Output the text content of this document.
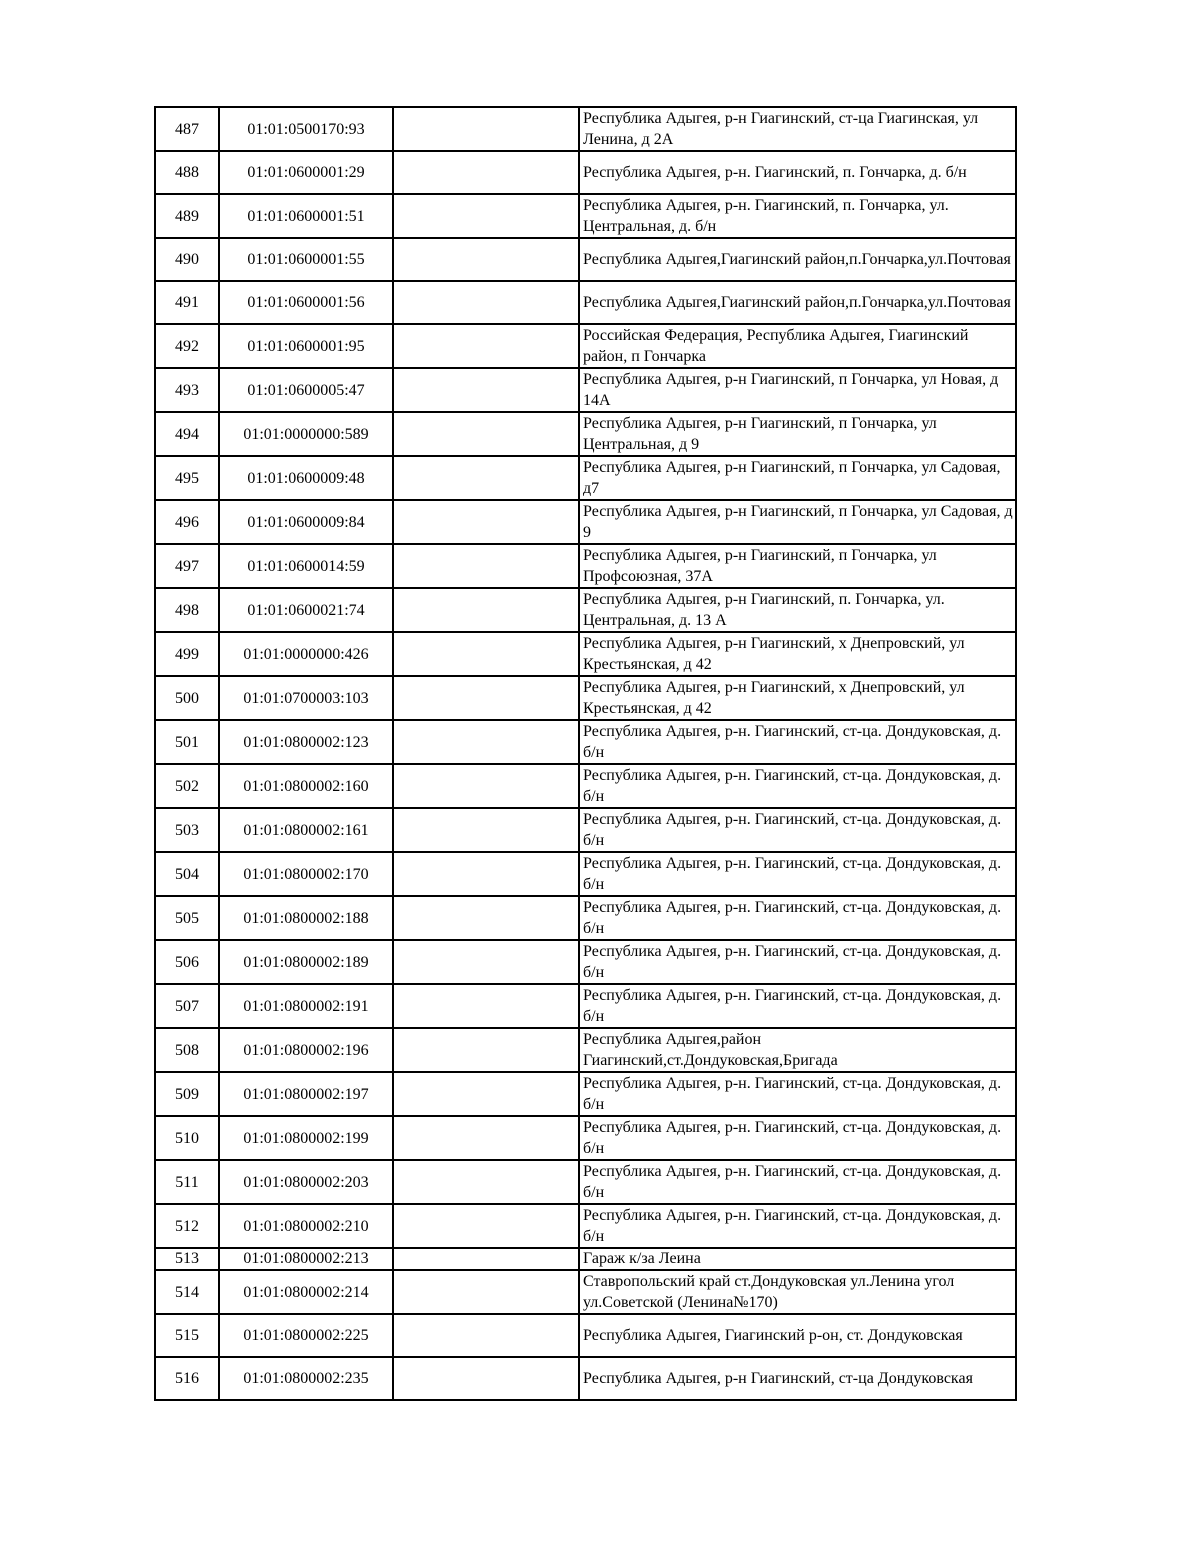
487	01:01:0500170:93		Республика Адыгея, р-н Гиагинский, ст-ца Гиагинская, ул Ленина, д 2А
488	01:01:0600001:29		Республика Адыгея, р-н. Гиагинский, п. Гончарка, д. б/н
489	01:01:0600001:51		Республика Адыгея, р-н. Гиагинский, п. Гончарка, ул. Центральная, д. б/н
490	01:01:0600001:55		Республика Адыгея,Гиагинский район,п.Гончарка,ул.Почтовая
491	01:01:0600001:56		Республика Адыгея,Гиагинский район,п.Гончарка,ул.Почтовая
492	01:01:0600001:95		Российская Федерация, Республика Адыгея, Гиагинский район, п Гончарка
493	01:01:0600005:47		Республика Адыгея, р-н Гиагинский, п Гончарка, ул Новая, д 14А
494	01:01:0000000:589		Республика Адыгея, р-н Гиагинский, п Гончарка, ул Центральная, д 9
495	01:01:0600009:48		Республика Адыгея, р-н Гиагинский, п Гончарка, ул Садовая, д7
496	01:01:0600009:84		Республика Адыгея, р-н Гиагинский, п Гончарка, ул Садовая, д 9
497	01:01:0600014:59		Республика Адыгея, р-н Гиагинский, п Гончарка, ул Профсоюзная, 37А
498	01:01:0600021:74		Республика Адыгея, р-н Гиагинский, п. Гончарка, ул. Центральная, д. 13 А
499	01:01:0000000:426		Республика Адыгея, р-н Гиагинский, х Днепровский, ул Крестьянская, д 42
500	01:01:0700003:103		Республика Адыгея, р-н Гиагинский, х Днепровский, ул Крестьянская, д 42
501	01:01:0800002:123		Республика Адыгея, р-н. Гиагинский, ст-ца. Дондуковская, д. б/н
502	01:01:0800002:160		Республика Адыгея, р-н. Гиагинский, ст-ца. Дондуковская, д. б/н
503	01:01:0800002:161		Республика Адыгея, р-н. Гиагинский, ст-ца. Дондуковская, д. б/н
504	01:01:0800002:170		Республика Адыгея, р-н. Гиагинский, ст-ца. Дондуковская, д. б/н
505	01:01:0800002:188		Республика Адыгея, р-н. Гиагинский, ст-ца. Дондуковская, д. б/н
506	01:01:0800002:189		Республика Адыгея, р-н. Гиагинский, ст-ца. Дондуковская, д. б/н
507	01:01:0800002:191		Республика Адыгея, р-н. Гиагинский, ст-ца. Дондуковская, д. б/н
508	01:01:0800002:196		Республика Адыгея,район Гиагинский,ст.Дондуковская,Бригада
509	01:01:0800002:197		Республика Адыгея, р-н. Гиагинский, ст-ца. Дондуковская, д. б/н
510	01:01:0800002:199		Республика Адыгея, р-н. Гиагинский, ст-ца. Дондуковская, д. б/н
511	01:01:0800002:203		Республика Адыгея, р-н. Гиагинский, ст-ца. Дондуковская, д. б/н
512	01:01:0800002:210		Республика Адыгея, р-н. Гиагинский, ст-ца. Дондуковская, д. б/н
513	01:01:0800002:213		Гараж к/за Леина
514	01:01:0800002:214		Ставропольский край ст.Дондуковская ул.Ленина угол ул.Советской (Ленина№170)
515	01:01:0800002:225		Республика Адыгея, Гиагинский р-он, ст. Дондуковская
516	01:01:0800002:235		Республика Адыгея, р-н Гиагинский, ст-ца Дондуковская
